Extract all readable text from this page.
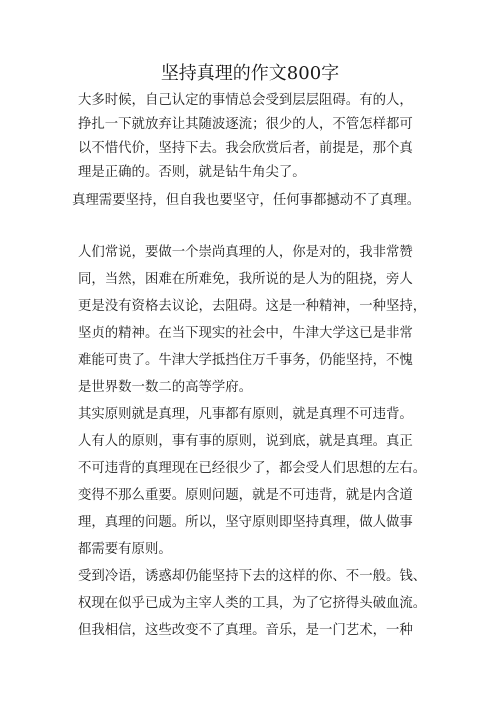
坚持真理的作文800字
大多时候，自己认定的事情总会受到层层阻碍。有的人，
挣扎一下就放弃让其随波逐流；很少的人，不管怎样都可
以不惜代价，坚持下去。我会欣赏后者，前提是，那个真
理是正确的。否则，就是钻牛角尖了。
真理需要坚持，但自我也要坚守，任何事都撼动不了真理。
人们常说，要做一个崇尚真理的人，你是对的，我非常赞
同，当然，困难在所难免，我所说的是人为的阻挠，旁人
更是没有资格去议论，去阻碍。这是一种精神，一种坚持，
坚贞的精神。在当下现实的社会中，牛津大学这已是非常
难能可贵了。牛津大学抵挡住万千事务，仍能坚持，不愧
是世界数一数二的高等学府。
其实原则就是真理，凡事都有原则，就是真理不可违背。
人有人的原则，事有事的原则，说到底，就是真理。真正
不可违背的真理现在已经很少了，都会受人们思想的左右。
变得不那么重要。原则问题，就是不可违背，就是内含道
理，真理的问题。所以，坚守原则即坚持真理，做人做事
都需要有原则。
受到冷语，诱惑却仍能坚持下去的这样的你、不一般。钱、
权现在似乎已成为主宰人类的工具，为了它挤得头破血流。
但我相信，这些改变不了真理。音乐，是一门艺术，一种
